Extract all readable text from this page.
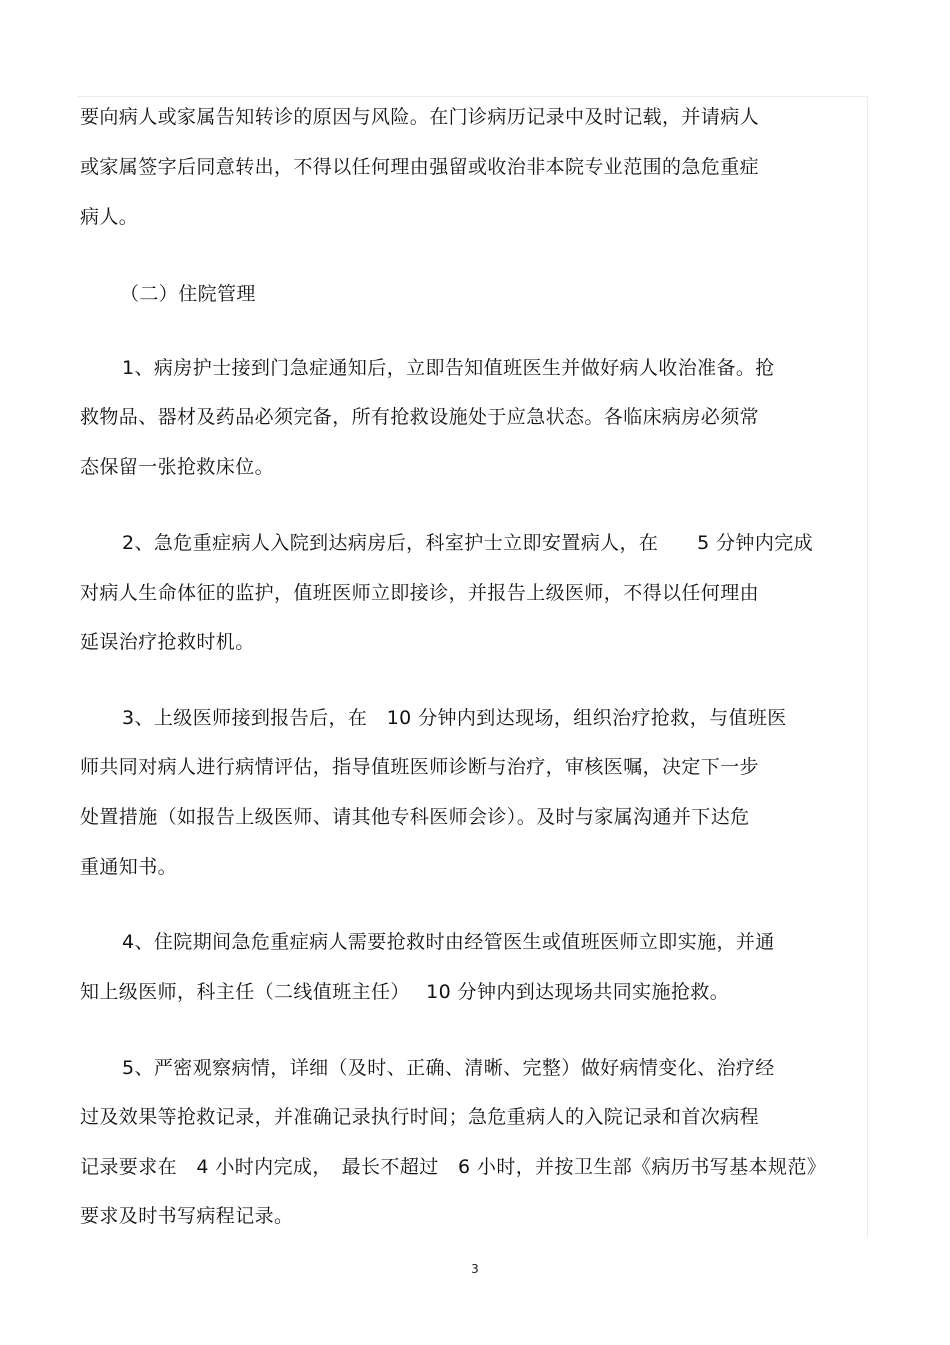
要向病人或家属告知转诊的原因与风险。在门诊病历记录中及时记载，并请病人
或家属签字后同意转出，不得以任何理由强留或收治非本院专业范围的急危重症
病人。
（二）住院管理
1、病房护士接到门急症通知后，立即告知值班医生并做好病人收治准备。抢
救物品、器材及药品必须完备，所有抢救设施处于应急状态。各临床病房必须常
态保留一张抢救床位。
2、急危重症病人入院到达病房后，科室护士立即安置病人，在　　5 分钟内完成
对病人生命体征的监护，值班医师立即接诊，并报告上级医师，不得以任何理由
延误治疗抢救时机。
3、上级医师接到报告后，在　10 分钟内到达现场，组织治疗抢救，与值班医
师共同对病人进行病情评估，指导值班医师诊断与治疗，审核医嘱，决定下一步
处置措施（如报告上级医师、请其他专科医师会诊）。及时与家属沟通并下达危
重通知书。
4、住院期间急危重症病人需要抢救时由经管医生或值班医师立即实施，并通
知上级医师，科主任（二线值班主任）　 10 分钟内到达现场共同实施抢救。
5、严密观察病情，详细（及时、正确、清晰、完整）做好病情变化、治疗经
过及效果等抢救记录，并准确记录执行时间；急危重病人的入院记录和首次病程
记录要求在　4 小时内完成，　最长不超过　6 小时，并按卫生部《病历书写基本规范》
要求及时书写病程记录。
3
